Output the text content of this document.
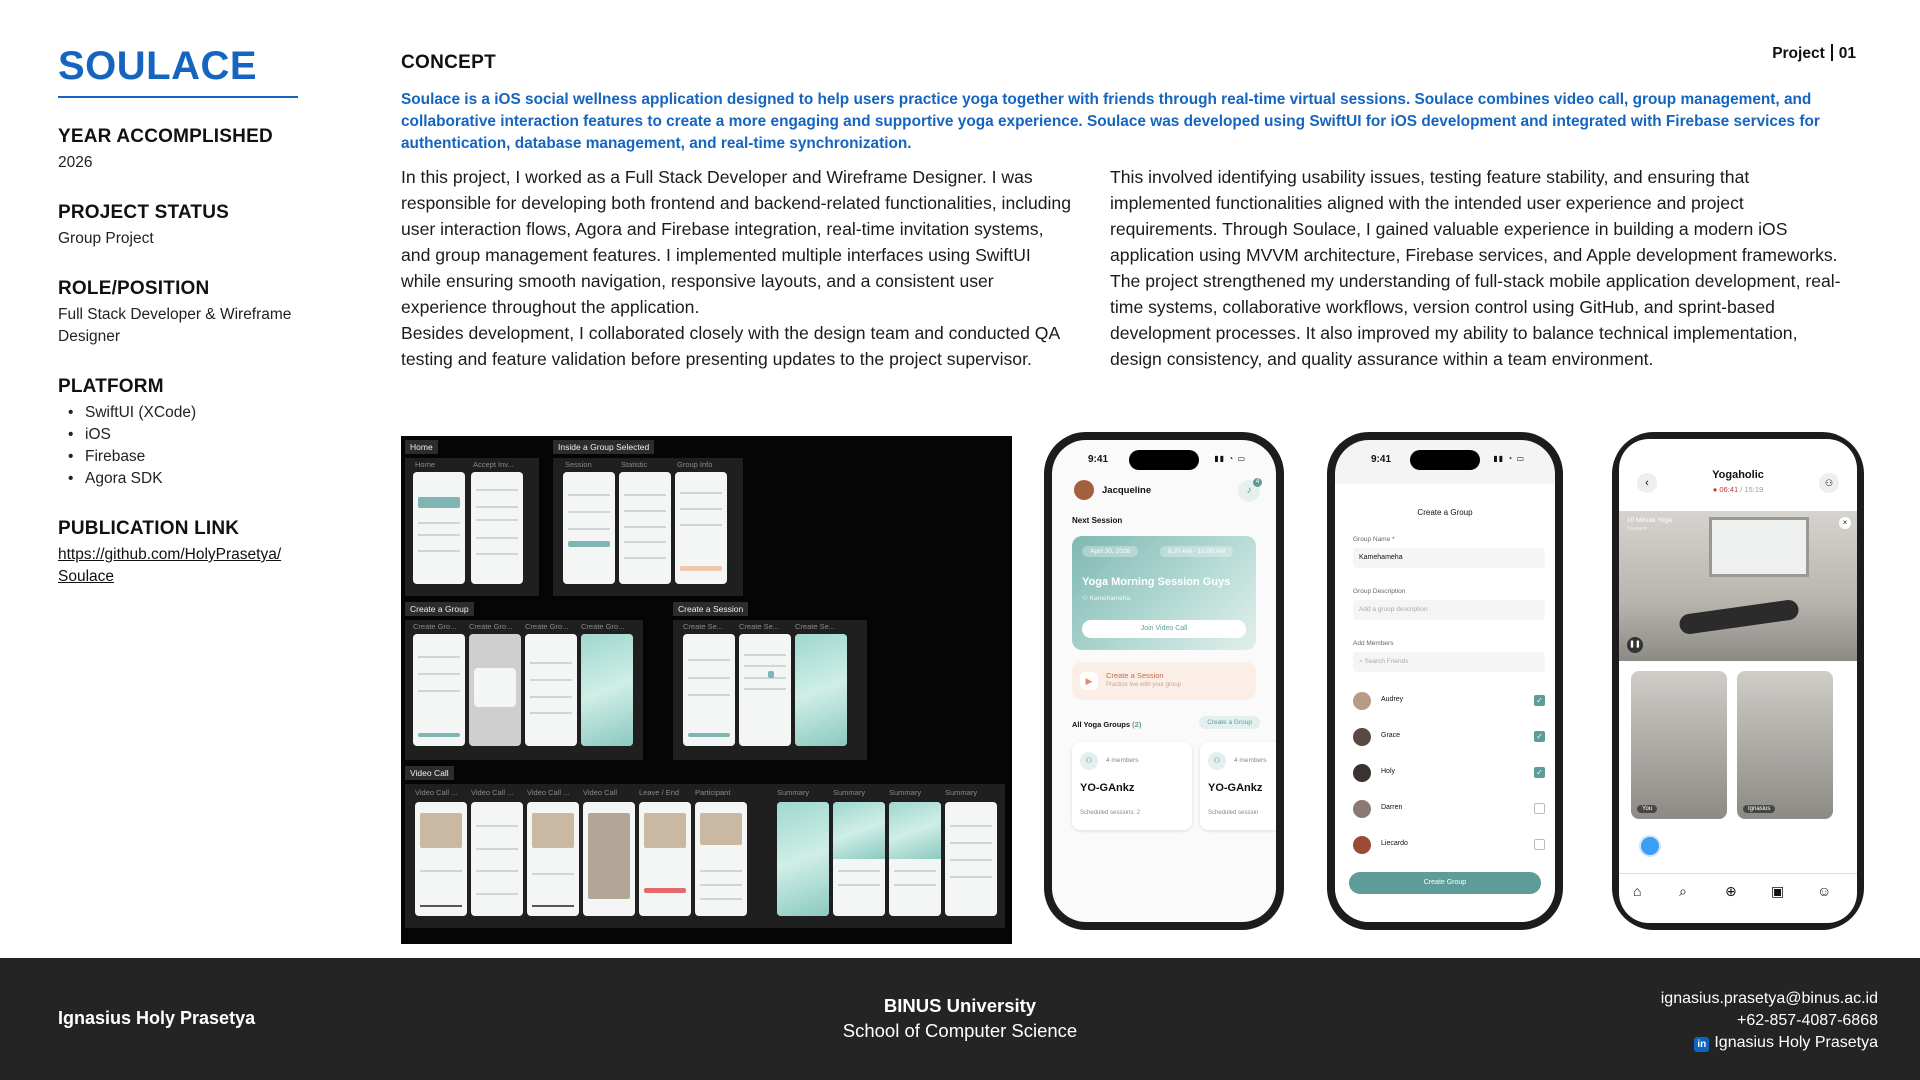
SOULACE
YEAR ACCOMPLISHED
2026
PROJECT STATUS
Group Project
ROLE/POSITION
Full Stack Developer & Wireframe Designer
PLATFORM
• SwiftUI (XCode)
• iOS
• Firebase
• Agora SDK
PUBLICATION LINK
https://github.com/HolyPrasetya/
Soulace
CONCEPT	Project 01
Soulace is a iOS social wellness application designed to help users practice yoga together with friends through real-time virtual sessions. Soulace combines video call, group management, and collaborative interaction features to create a more engaging and supportive yoga experience. Soulace was developed using SwiftUI for iOS development and integrated with Firebase services for authentication, database management, and real-time synchronization.
In this project, I worked as a Full Stack Developer and Wireframe Designer. I was responsible for developing both frontend and backend-related functionalities, including user interaction flows, Agora and Firebase integration, real-time invitation systems, and group management features. I implemented multiple interfaces using SwiftUI while ensuring smooth navigation, responsive layouts, and a consistent user experience throughout the application.
Besides development, I collaborated closely with the design team and conducted QA testing and feature validation before presenting updates to the project supervisor.
This involved identifying usability issues, testing feature stability, and ensuring that implemented functionalities aligned with the intended user experience and project requirements. Through Soulace, I gained valuable experience in building a modern iOS application using MVVM architecture, Firebase services, and Apple development frameworks. The project strengthened my understanding of full-stack mobile application development, real-time systems, collaborative workflows, version control using GitHub, and sprint-based development processes. It also improved my ability to balance technical implementation, design consistency, and quality assurance within a team environment.
Home
Home	Accept Inv...
Inside a Group Selected
Session	Statistic	Group Info
Create a Group
Create Gro... Create Gro... Create Gro... Create Gro...
Create a Session
Create Se... Create Se... Create Se...
Video Call
Video Call ... Video Call ... Video Call ... Video Call	Leave / End Participant	Summary	Summary	Summary	Summary
9:41	▮▮ ◔ ▭
Jacqueline	♪
4
Next Session
April 30, 2026	8.20 AM - 10.00 AM
Yoga Morning Session Guys
⚇ Kamehameha
Join Video Call
▶
Create a Session
Practice live with your group
All Yoga Groups (2)	Create a Group
⚇	4 members
YO-GAnkz
Scheduled sessions: 2
⚇	4 members
YO-GAnkz
Scheduled session
9:41	▮▮ ◔ ▭
Create a Group
Group Name *
Kamehameha
Group Description
Add a group description
Add Members
⌕ Search Friends
Audrey	✓
Grace	✓
Holy	✓
Darren
Liecardo
Create Group
‹
Yogaholic
● 06:41 / 15:19
⚇
10 Minute Yoga
Soulace
×
❚❚
You	Ignasius
⌂	⌕	⊕ ▣ ☺
Ignasius Holy Prasetya
BINUS University
School of Computer Science
ignasius.prasetya@binus.ac.id
+62-857-4087-6868
in Ignasius Holy Prasetya
